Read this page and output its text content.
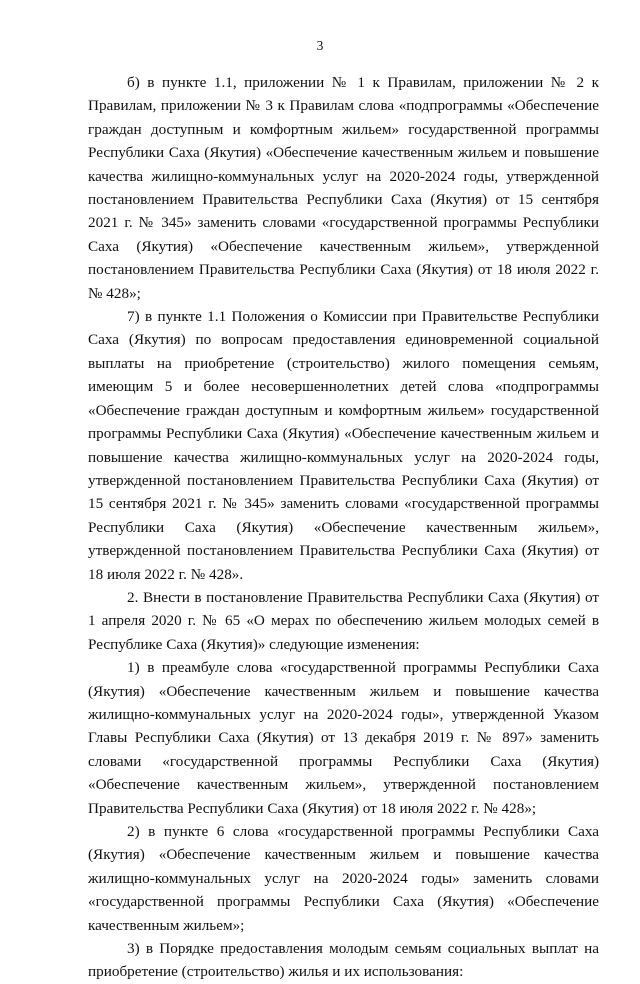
3

б) в пункте 1.1, приложении № 1 к Правилам, приложении № 2 к Правилам, приложении № 3 к Правилам слова «подпрограммы «Обеспечение граждан доступным и комфортным жильем» государственной программы Республики Саха (Якутия) «Обеспечение качественным жильем и повышение качества жилищно-коммунальных услуг на 2020-2024 годы, утвержденной постановлением Правительства Республики Саха (Якутия) от 15 сентября 2021 г. № 345» заменить словами «государственной программы Республики Саха (Якутия) «Обеспечение качественным жильем», утвержденной постановлением Правительства Республики Саха (Якутия) от 18 июля 2022 г. № 428»;

7) в пункте 1.1 Положения о Комиссии при Правительстве Республики Саха (Якутия) по вопросам предоставления единовременной социальной выплаты на приобретение (строительство) жилого помещения семьям, имеющим 5 и более несовершеннолетних детей слова «подпрограммы «Обеспечение граждан доступным и комфортным жильем» государственной программы Республики Саха (Якутия) «Обеспечение качественным жильем и повышение качества жилищно-коммунальных услуг на 2020-2024 годы, утвержденной постановлением Правительства Республики Саха (Якутия) от 15 сентября 2021 г. № 345» заменить словами «государственной программы Республики Саха (Якутия) «Обеспечение качественным жильем», утвержденной постановлением Правительства Республики Саха (Якутия) от 18 июля 2022 г. № 428».

2. Внести в постановление Правительства Республики Саха (Якутия) от 1 апреля 2020 г. № 65 «О мерах по обеспечению жильем молодых семей в Республике Саха (Якутия)» следующие изменения:

1) в преамбуле слова «государственной программы Республики Саха (Якутия) «Обеспечение качественным жильем и повышение качества жилищно-коммунальных услуг на 2020-2024 годы», утвержденной Указом Главы Республики Саха (Якутия) от 13 декабря 2019 г. № 897» заменить словами «государственной программы Республики Саха (Якутия) «Обеспечение качественным жильем», утвержденной постановлением Правительства Республики Саха (Якутия) от 18 июля 2022 г. № 428»;

2) в пункте 6 слова «государственной программы Республики Саха (Якутия) «Обеспечение качественным жильем и повышение качества жилищно-коммунальных услуг на 2020-2024 годы» заменить словами «государственной программы Республики Саха (Якутия) «Обеспечение качественным жильем»;

3) в Порядке предоставления молодым семьям социальных выплат на приобретение (строительство) жилья и их использования:
